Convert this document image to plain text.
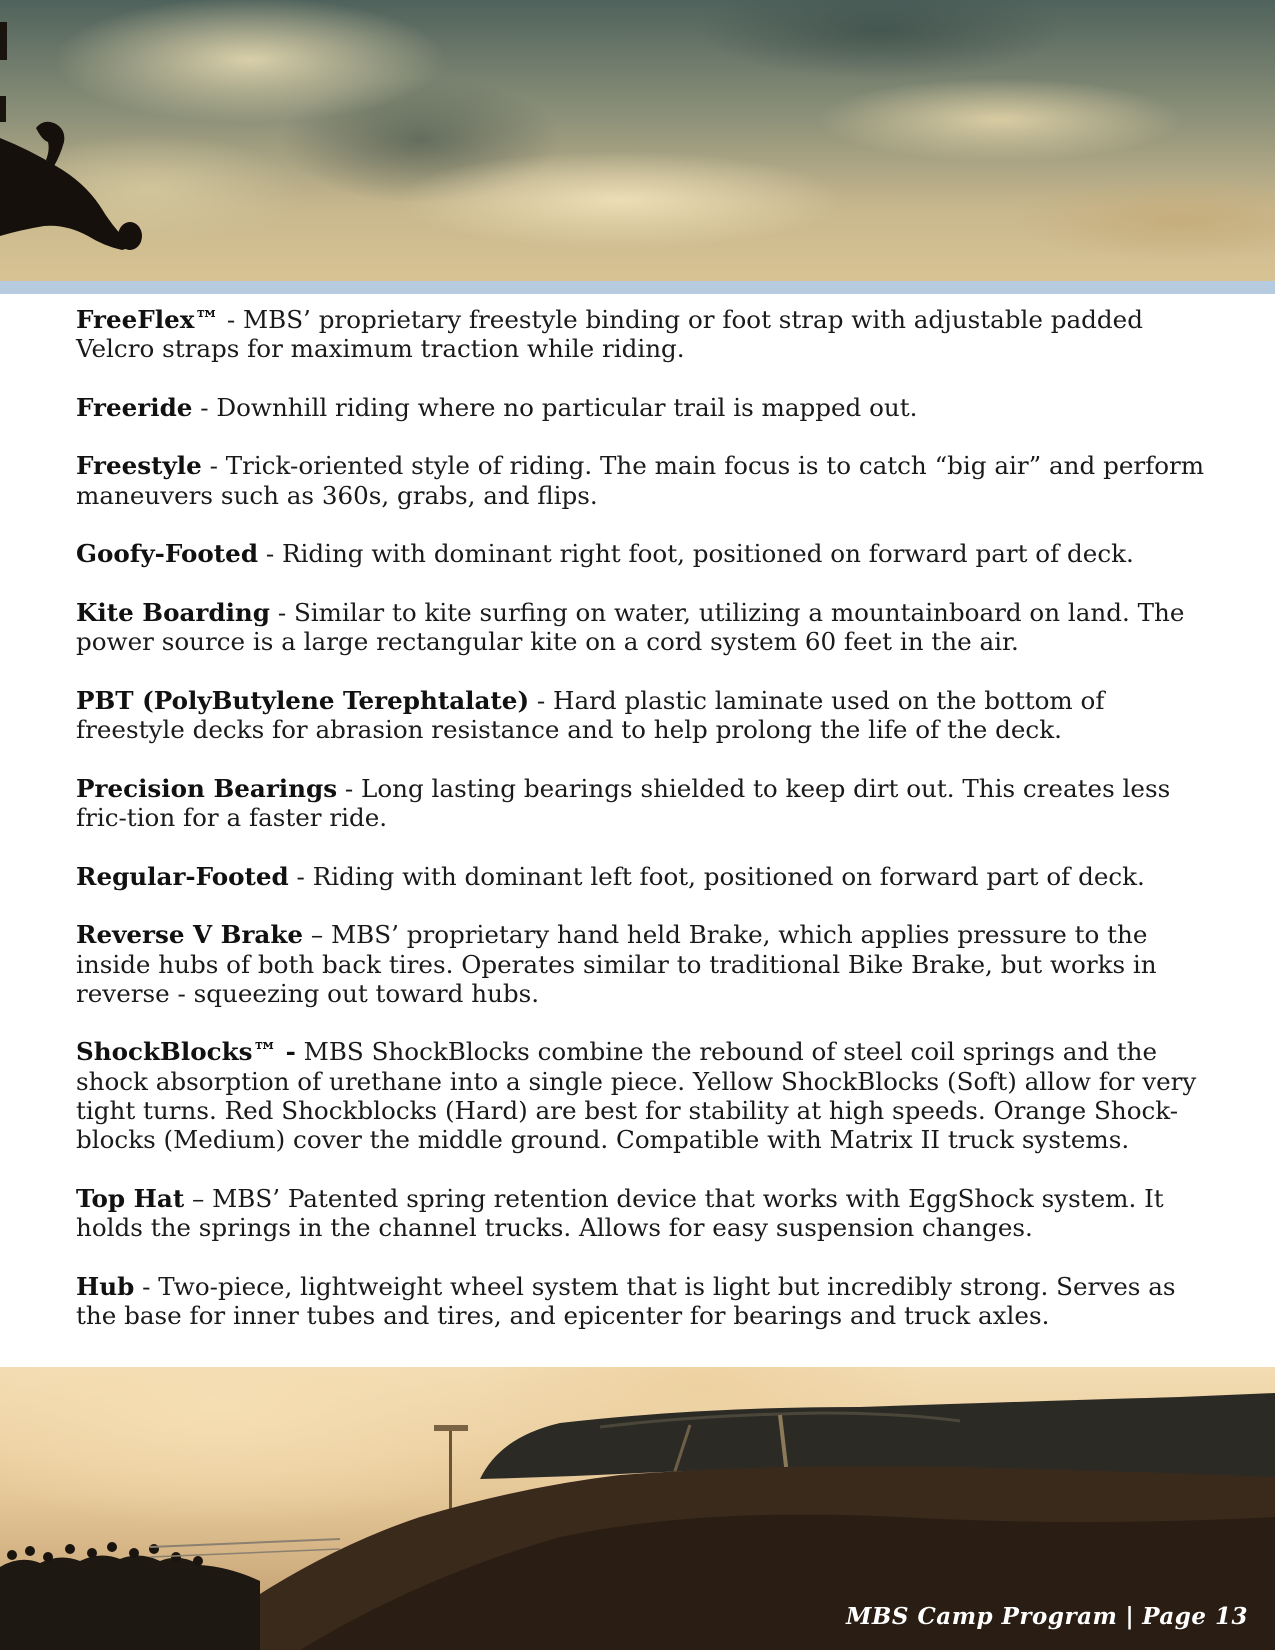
FreeFlex™ - MBS’ proprietary freestyle binding or foot strap with adjustable padded Velcro straps for maximum traction while riding.
Freeride - Downhill riding where no particular trail is mapped out.
Freestyle - Trick-oriented style of riding. The main focus is to catch “big air” and perform maneuvers such as 360s, grabs, and flips.
Goofy-Footed - Riding with dominant right foot, positioned on forward part of deck.
Kite Boarding - Similar to kite surfing on water, utilizing a mountainboard on land. The power source is a large rectangular kite on a cord system 60 feet in the air.
PBT (PolyButylene Terephtalate) - Hard plastic laminate used on the bottom of freestyle decks for abrasion resistance and to help prolong the life of the deck.
Precision Bearings - Long lasting bearings shielded to keep dirt out. This creates less fric-tion for a faster ride.
Regular-Footed - Riding with dominant left foot, positioned on forward part of deck.
Reverse V Brake – MBS’ proprietary hand held Brake, which applies pressure to the inside hubs of both back tires. Operates similar to traditional Bike Brake, but works in reverse - squeezing out toward hubs.
ShockBlocks™ - MBS ShockBlocks combine the rebound of steel coil springs and the shock absorption of urethane into a single piece. Yellow ShockBlocks (Soft) allow for very tight turns. Red Shockblocks (Hard) are best for stability at high speeds. Orange Shock-blocks (Medium) cover the middle ground. Compatible with Matrix II truck systems.
Top Hat – MBS’ Patented spring retention device that works with EggShock system. It holds the springs in the channel trucks. Allows for easy suspension changes.
Hub - Two-piece, lightweight wheel system that is light but incredibly strong. Serves as the base for inner tubes and tires, and epicenter for bearings and truck axles.
MBS Camp Program | Page 13
